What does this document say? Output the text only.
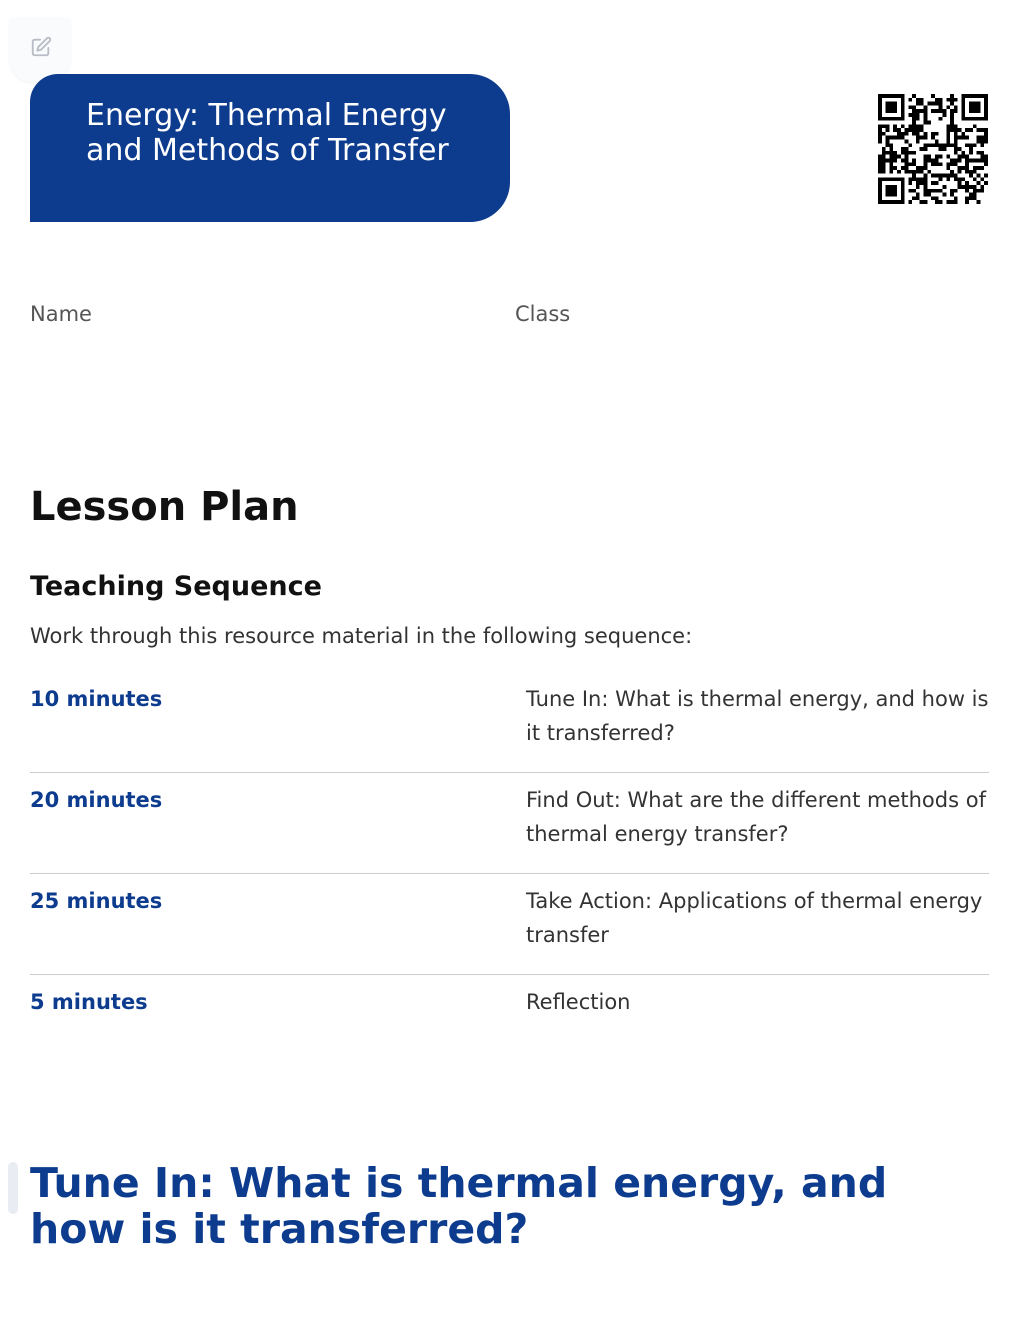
Energy: Thermal Energy and Methods of Transfer
Name	Class
Lesson Plan
Teaching Sequence
Work through this resource material in the following sequence:
10 minutes	Tune In: What is thermal energy, and how is it transferred?
20 minutes	Find Out: What are the different methods of thermal energy transfer?
25 minutes	Take Action: Applications of thermal energy transfer
5 minutes	Reflection
Tune In: What is thermal energy, and how is it transferred?
